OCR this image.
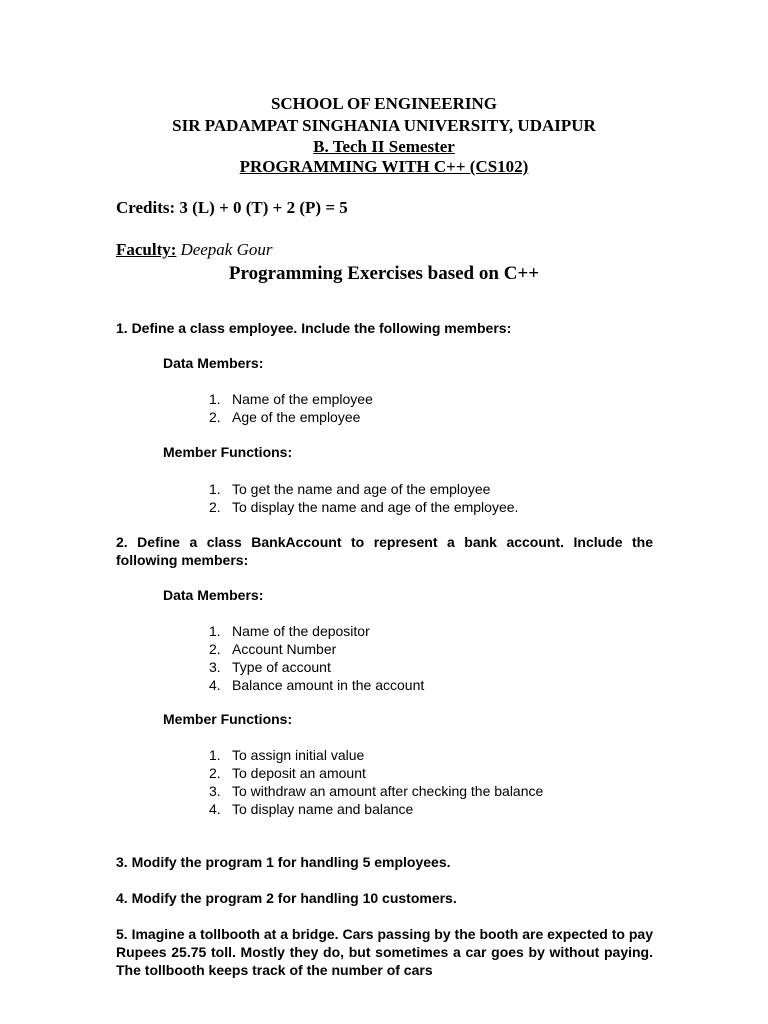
SCHOOL OF ENGINEERING
SIR PADAMPAT SINGHANIA UNIVERSITY, UDAIPUR
B. Tech II Semester
PROGRAMMING WITH C++ (CS102)
Credits: 3 (L) + 0 (T) + 2 (P) = 5
Faculty: Deepak Gour
Programming Exercises based on C++
1. Define a class employee. Include the following members:
Data Members:
1. Name of the employee
2. Age of the employee
Member Functions:
1. To get the name and age of the employee
2. To display the name and age of the employee.
2. Define a class BankAccount to represent a bank account. Include the following members:
Data Members:
1. Name of the depositor
2. Account Number
3. Type of account
4. Balance amount in the account
Member Functions:
1. To assign initial value
2. To deposit an amount
3. To withdraw an amount after checking the balance
4. To display name and balance
3. Modify the program 1 for handling 5 employees.
4. Modify the program 2 for handling 10 customers.
5. Imagine a tollbooth at a bridge. Cars passing by the booth are expected to pay Rupees 25.75 toll. Mostly they do, but sometimes a car goes by without paying. The tollbooth keeps track of the number of cars
